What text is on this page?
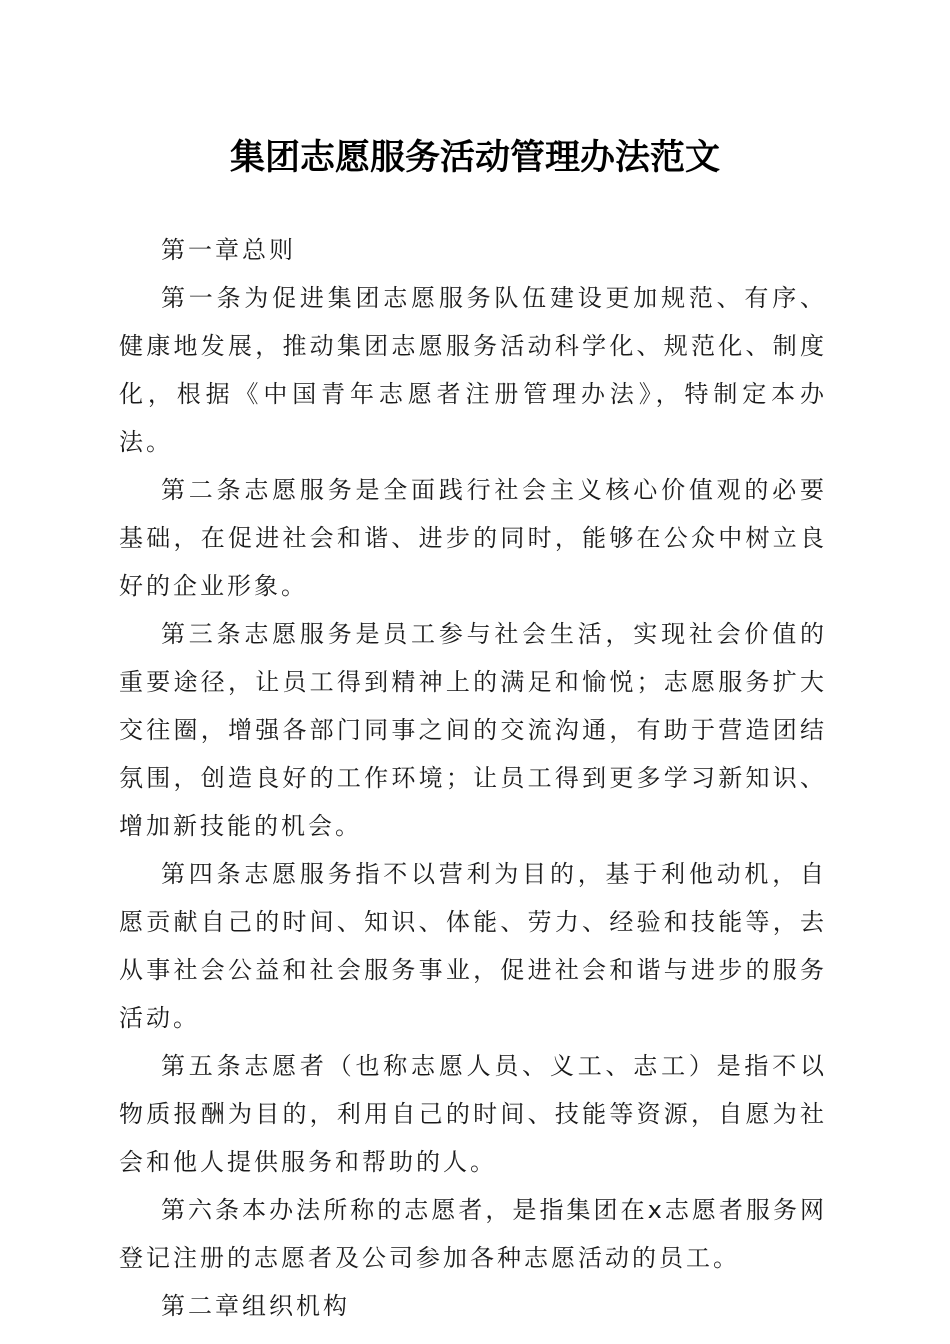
集团志愿服务活动管理办法范文

第一章总则

第一条为促进集团志愿服务队伍建设更加规范、有序、健康地发展，推动集团志愿服务活动科学化、规范化、制度化，根据《中国青年志愿者注册管理办法》，特制定本办法。

第二条志愿服务是全面践行社会主义核心价值观的必要基础，在促进社会和谐、进步的同时，能够在公众中树立良好的企业形象。

第三条志愿服务是员工参与社会生活，实现社会价值的重要途径，让员工得到精神上的满足和愉悦；志愿服务扩大交往圈，增强各部门同事之间的交流沟通，有助于营造团结氛围，创造良好的工作环境；让员工得到更多学习新知识、增加新技能的机会。

第四条志愿服务指不以营利为目的，基于利他动机，自愿贡献自己的时间、知识、体能、劳力、经验和技能等，去从事社会公益和社会服务事业，促进社会和谐与进步的服务活动。

第五条志愿者（也称志愿人员、义工、志工）是指不以物质报酬为目的，利用自己的时间、技能等资源，自愿为社会和他人提供服务和帮助的人。

第六条本办法所称的志愿者，是指集团在x志愿者服务网登记注册的志愿者及公司参加各种志愿活动的员工。

第二章组织机构
